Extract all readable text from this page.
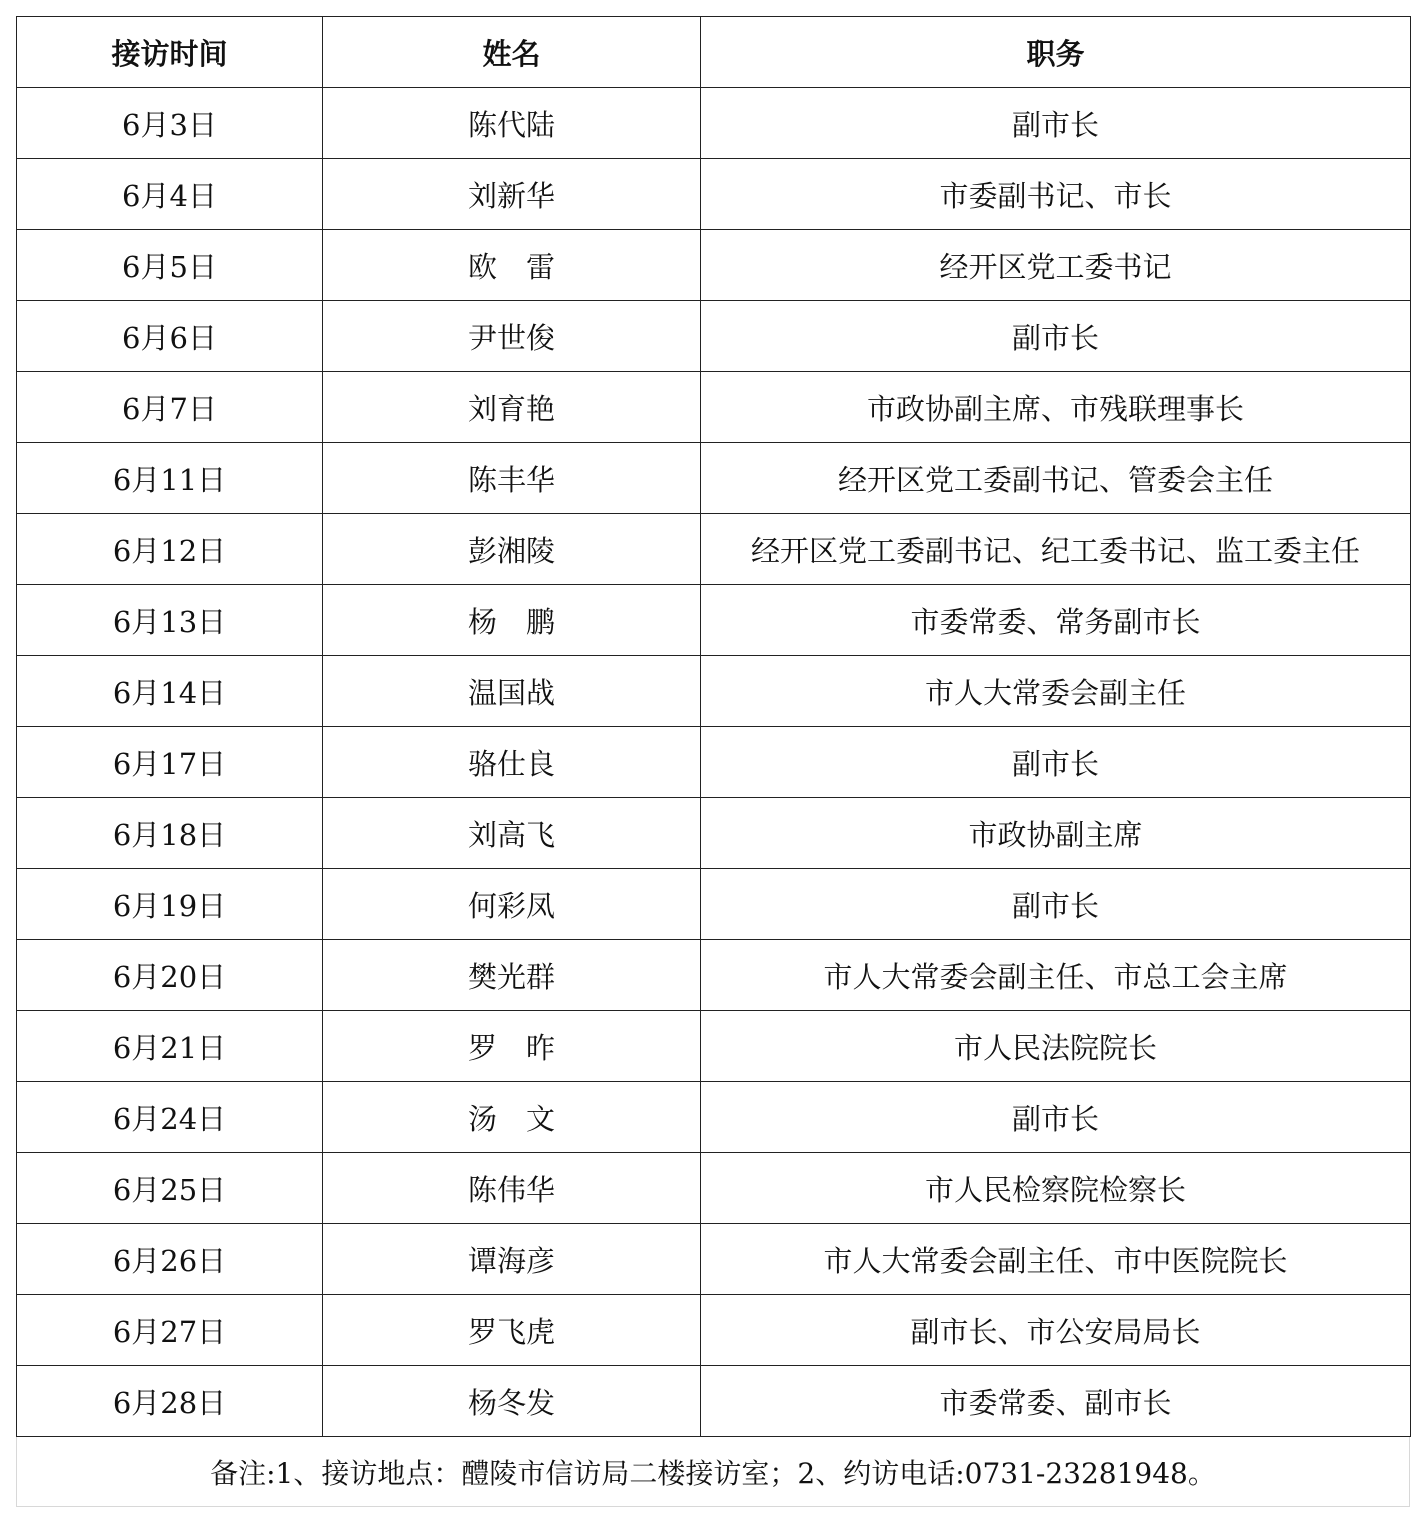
接访时间	姓名	职务
6月3日	陈代陆	副市长
6月4日	刘新华	市委副书记、市长
6月5日	欧　雷	经开区党工委书记
6月6日	尹世俊	副市长
6月7日	刘育艳	市政协副主席、市残联理事长
6月11日	陈丰华	经开区党工委副书记、管委会主任
6月12日	彭湘陵	经开区党工委副书记、纪工委书记、监工委主任
6月13日	杨　鹏	市委常委、常务副市长
6月14日	温国战	市人大常委会副主任
6月17日	骆仕良	副市长
6月18日	刘高飞	市政协副主席
6月19日	何彩凤	副市长
6月20日	樊光群	市人大常委会副主任、市总工会主席
6月21日	罗　昨	市人民法院院长
6月24日	汤　文	副市长
6月25日	陈伟华	市人民检察院检察长
6月26日	谭海彦	市人大常委会副主任、市中医院院长
6月27日	罗飞虎	副市长、市公安局局长
6月28日	杨冬发	市委常委、副市长
备注:1、接访地点：醴陵市信访局二楼接访室；2、约访电话:0731-23281948。
